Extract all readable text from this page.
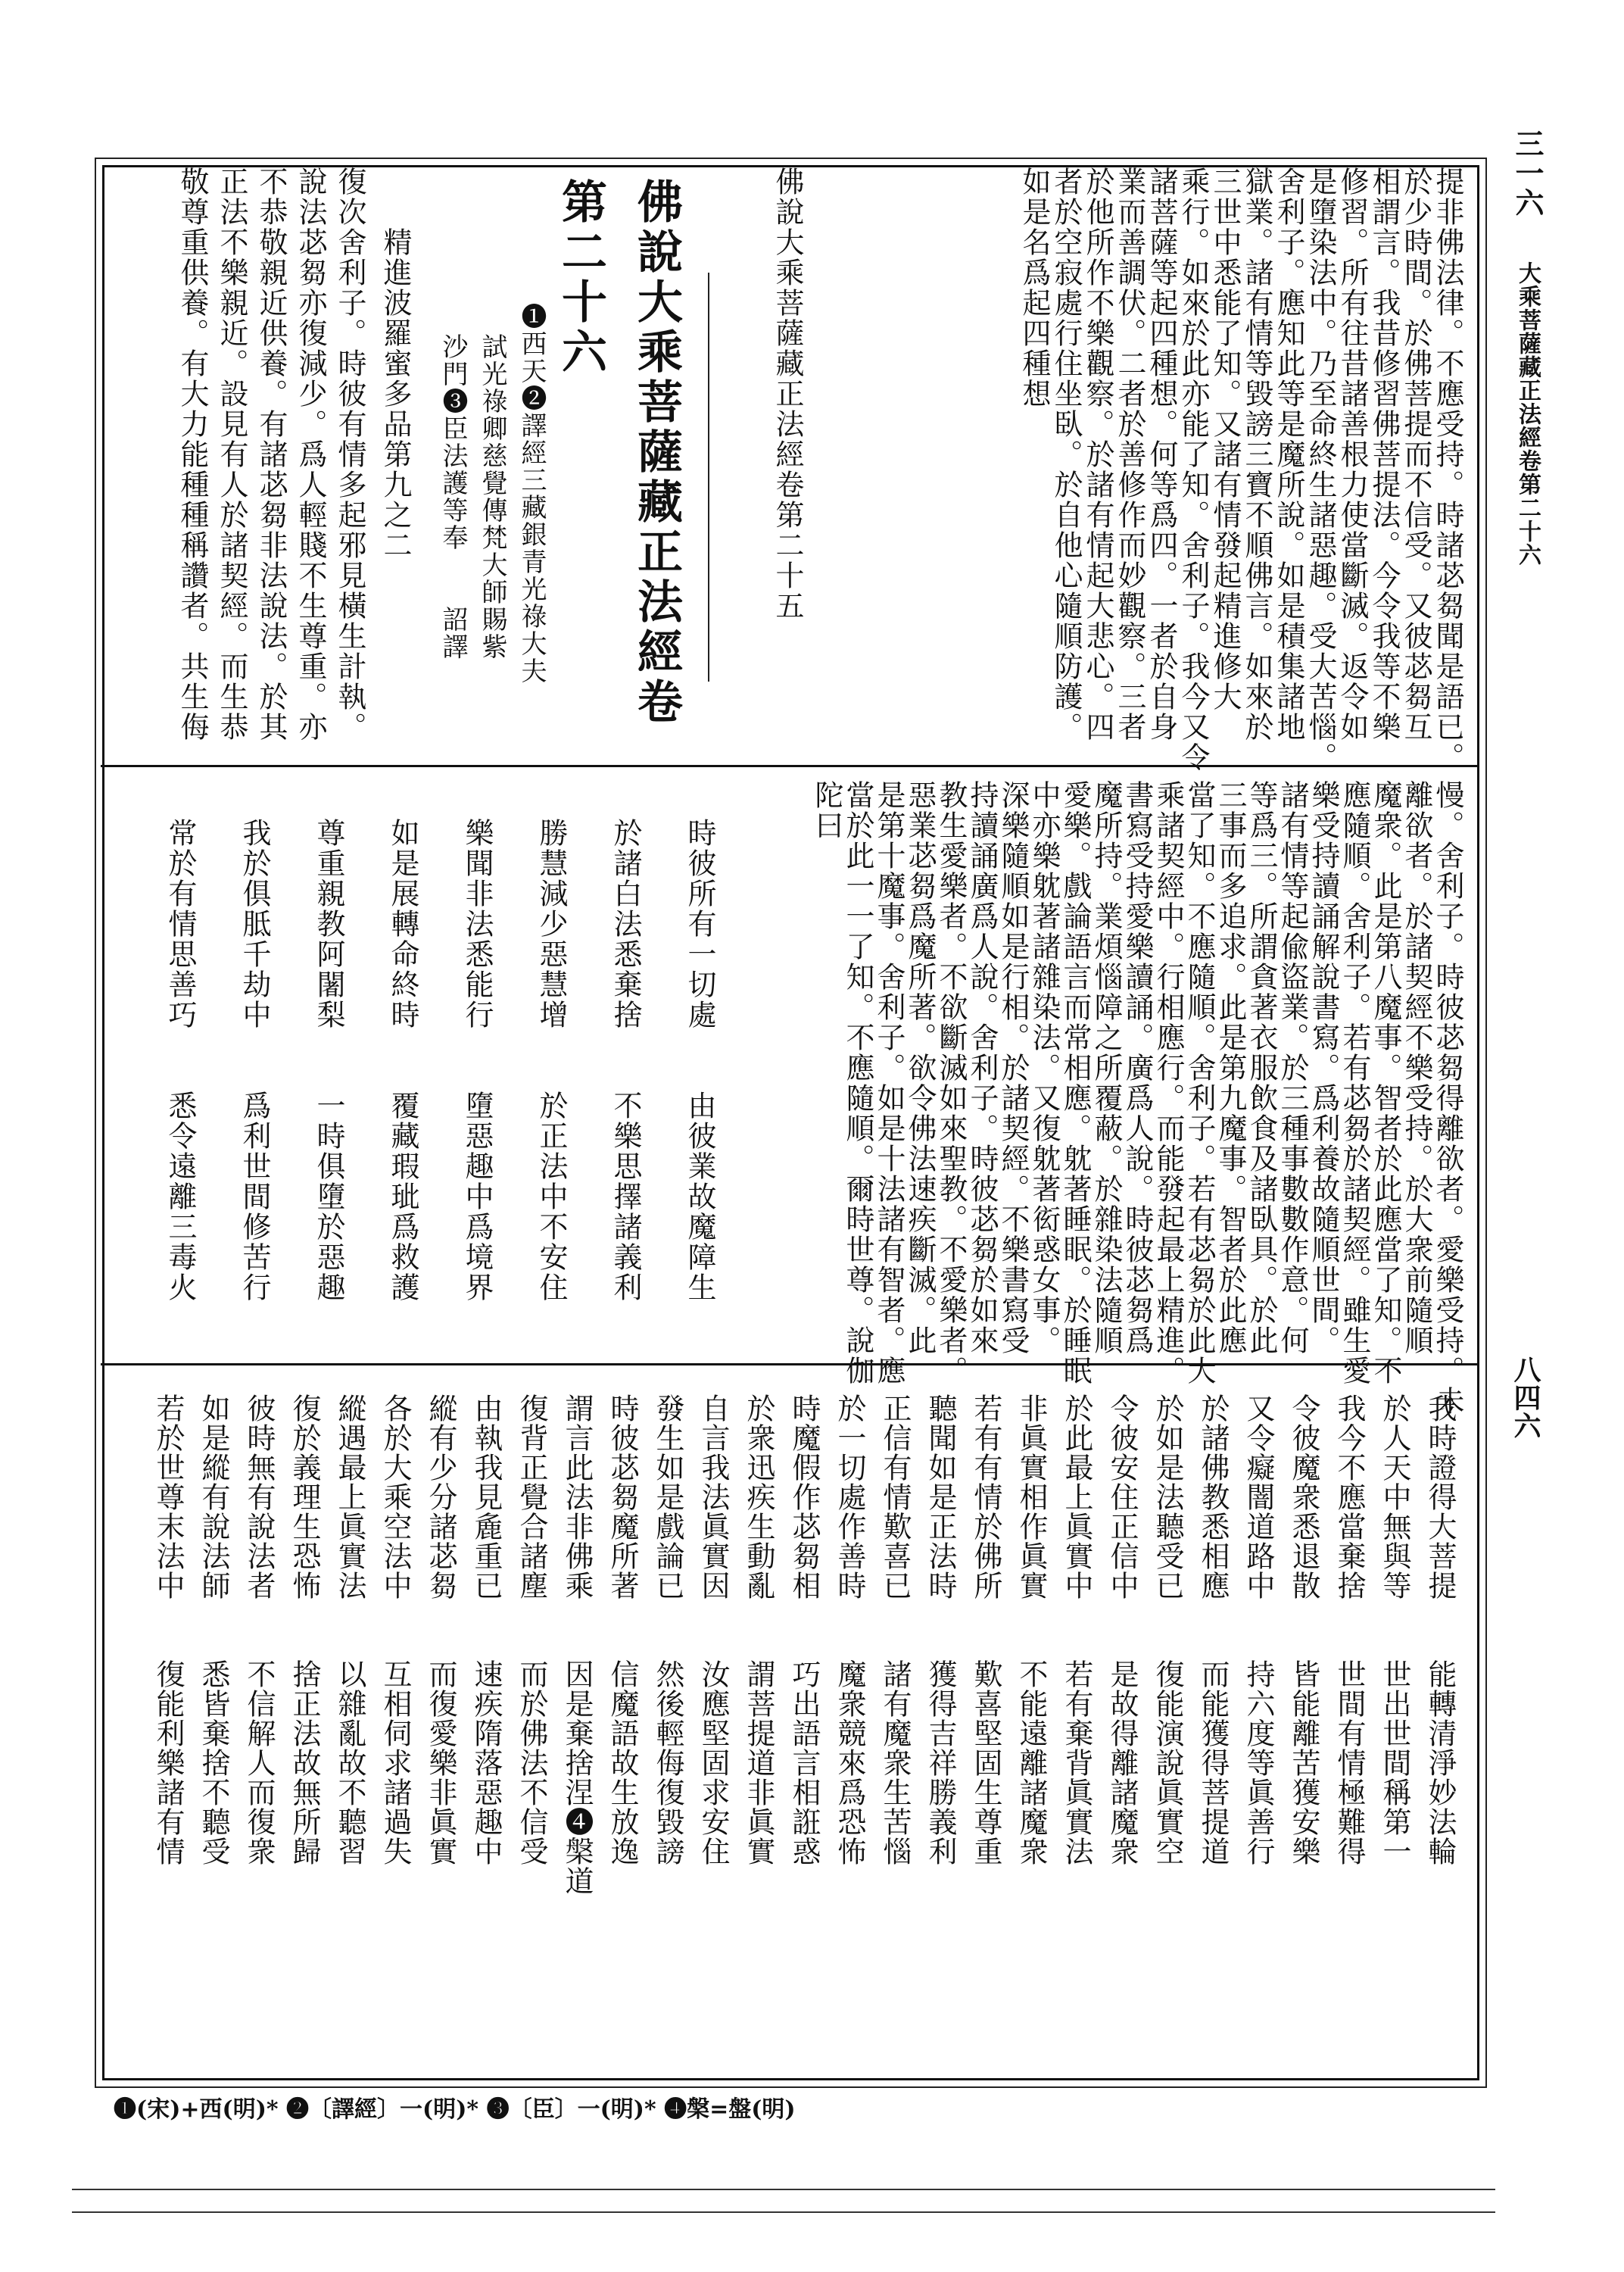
三一六
大乘菩薩藏正法經卷第二十六
八四六
提非佛法律。不應受持。時諸苾芻聞是語已。
於少時間。於佛菩提而不信受。又彼苾芻互
相謂言。我昔修習佛菩提法。今令我等不樂
修習。所有往昔諸善根力使當斷滅。返令如
是墮染法中。乃至命終生諸惡趣。受大苦惱。
舍利子。應知此等是魔所說。如是積集諸地
獄業。諸有情等毀謗三寶不順佛言。如來於
三世中悉能了知。又諸有情發起精進修大
乘行。如來於此亦能了知。舍利子。我今又令
諸菩薩等起四種想。何等爲四。一者於自身
業而善調伏。二者於善修作而妙觀察。三者
於他所作不樂觀察。於諸有情起大悲心。四
者於空寂處行住坐臥。於自他心隨順防護。
如是名爲起四種想
佛說大乘菩薩藏正法經卷第二十五
佛說大乘菩薩藏正法經卷
第二十六
❶西天❷譯經三藏銀青光祿大夫
試光祿卿慈覺傳梵大師賜紫
沙門❸臣法護等奉　　詔譯
精進波羅蜜多品第九之二
復次舍利子。時彼有情多起邪見橫生計執。
說法苾芻亦復減少。爲人輕賤不生尊重。亦
不恭敬親近供養。有諸苾芻非法說法。於其
正法不樂親近。設見有人於諸契經。而生恭
敬尊重供養。有大力能種種稱讚者。共生侮
慢。舍利子。時彼苾芻得離欲者。愛樂受持。未
離欲者。於諸契經不樂受持。於大衆前隨順
魔衆。此是第八魔事。智者於此應當了知。不
應隨順。舍利子。若有苾芻於諸契經。雖生愛
樂受持讀誦解說書寫。爲利養故隨順世間。
諸有情等起偸盜業。於三種事數數作意。何
等爲三。所謂貪著衣服飲食及諸臥具。於此
三事而多追求。此是第九魔事。智者於此應
當了知。不應隨順。舍利子。若有苾芻於此大
乘諸契經中。行相應行。而能發起最上精進。
書寫受持愛樂讀誦。廣爲人說。時彼苾芻爲
魔所持。業煩惱障之所覆蔽。於雜染法隨順
愛樂。戲論語言而常相應。躭著睡眠。於睡眠
中亦樂躭著諸雜染法。又復躭著衒惑女事。
深樂隨順如是行相。於諸契經。不樂書寫受
持讀誦廣爲人說。舍利子。時彼苾芻於如來
教生愛樂者。不欲斷滅如來聖教。不愛樂者。
惡業苾芻爲魔所著。欲令佛法速疾斷滅。此
是第十魔事。舍利子。如是十法諸有智者。應
當於此一一了知。不應隨順。爾時世尊。說伽
陀曰
時彼所有一切處　　由彼業故魔障生
於諸白法悉棄捨　　不樂思擇諸義利
勝慧減少惡慧增　　於正法中不安住
樂聞非法悉能行　　墮惡趣中爲境界
如是展轉命終時　　覆藏瑕玼爲救護
尊重親教阿闍梨　　一時俱墮於惡趣
我於俱胝千劫中　　爲利世間修苦行
常於有情思善巧　　悉令遠離三毒火
我時證得大菩提　　能轉清淨妙法輪
於人天中無與等　　世出世間稱第一
我今不應當棄捨　　世間有情極難得
令彼魔衆悉退散　　皆能離苦獲安樂
又令癡闇道路中　　持六度等眞善行
於諸佛教悉相應　　而能獲得菩提道
於如是法聽受已　　復能演說眞實空
令彼安住正信中　　是故得離諸魔衆
於此最上眞實中　　若有棄背眞實法
非眞實相作眞實　　不能遠離諸魔衆
若有有情於佛所　　歎喜堅固生尊重
聽聞如是正法時　　獲得吉祥勝義利
正信有情歎喜已　　諸有魔衆生苦惱
於一切處作善時　　魔衆競來爲恐怖
時魔假作苾芻相　　巧出語言相誑惑
於衆迅疾生動亂　　謂菩提道非眞實
自言我法眞實因　　汝應堅固求安住
發生如是戲論已　　然後輕侮復毀謗
時彼苾芻魔所著　　信魔語故生放逸
謂言此法非佛乘　　因是棄捨涅❹槃道
復背正覺合諸塵　　而於佛法不信受
由執我見麁重已　　速疾隋落惡趣中
縱有少分諸苾芻　　而復愛樂非眞實
各於大乘空法中　　互相伺求諸過失
縱遇最上眞實法　　以雜亂故不聽習
復於義理生恐怖　　捨正法故無所歸
彼時無有說法者　　不信解人而復衆
如是縱有說法師　　悉皆棄捨不聽受
若於世尊末法中　　復能利樂諸有情
❶(宋)+西(明)* ❷〔譯經〕一(明)* ❸〔臣〕一(明)* ❹槃=盤(明)
